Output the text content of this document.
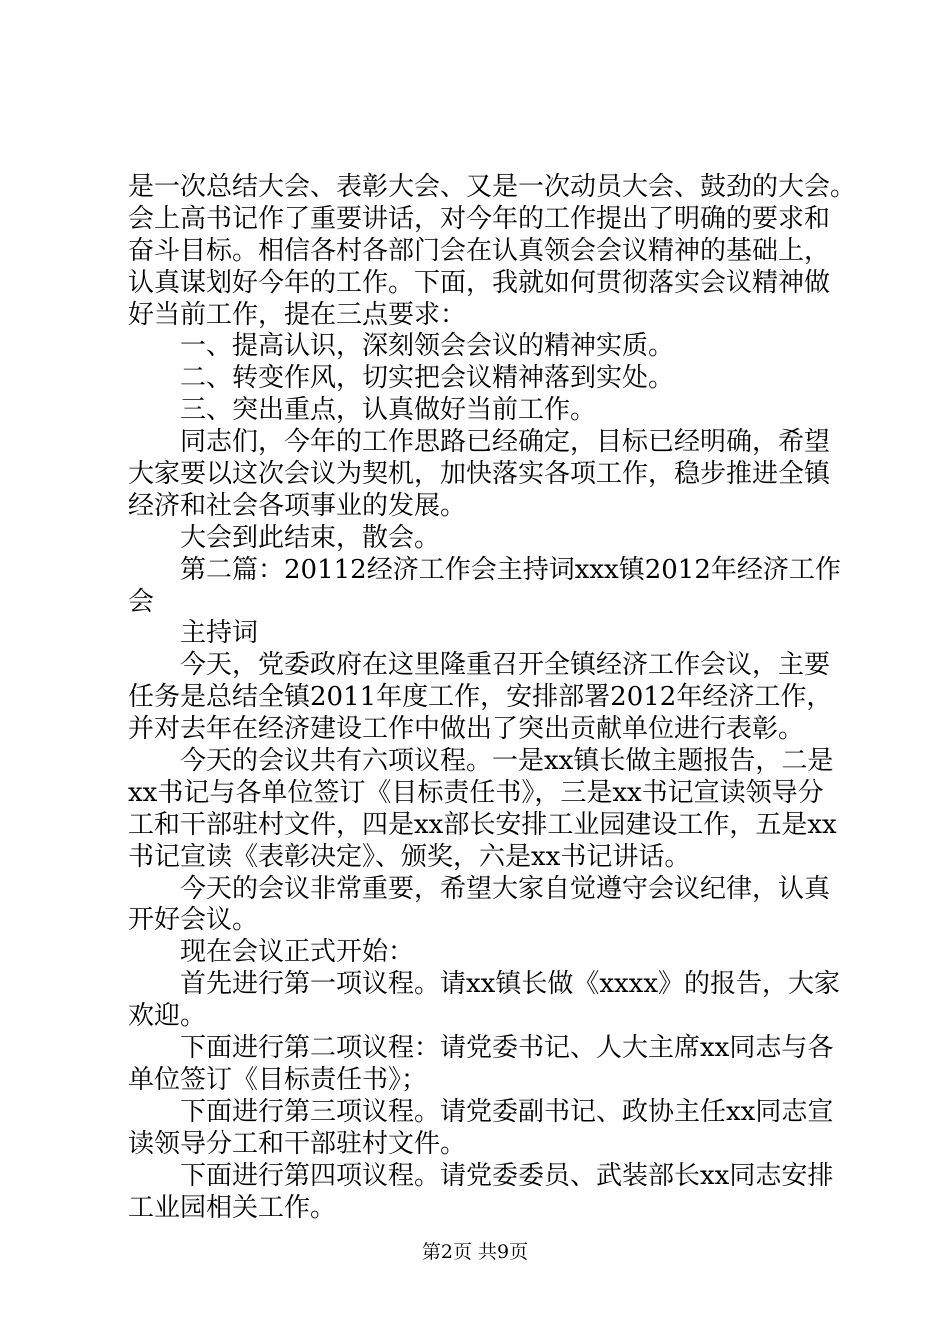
是一次总结大会、表彰大会、又是一次动员大会、鼓劲的大会。
会上高书记作了重要讲话，对今年的工作提出了明确的要求和
奋斗目标。相信各村各部门会在认真领会会议精神的基础上，
认真谋划好今年的工作。下面，我就如何贯彻落实会议精神做
好当前工作，提在三点要求：
一、提高认识，深刻领会会议的精神实质。
二、转变作风，切实把会议精神落到实处。
三、突出重点，认真做好当前工作。
同志们，今年的工作思路已经确定，目标已经明确，希望
大家要以这次会议为契机，加快落实各项工作，稳步推进全镇
经济和社会各项事业的发展。
大会到此结束，散会。
第二篇：20112经济工作会主持词xxx镇2012年经济工作
会
主持词
今天，党委政府在这里隆重召开全镇经济工作会议，主要
任务是总结全镇2011年度工作，安排部署2012年经济工作，
并对去年在经济建设工作中做出了突出贡献单位进行表彰。
今天的会议共有六项议程。一是xx镇长做主题报告，二是
xx书记与各单位签订《目标责任书》，三是xx书记宣读领导分
工和干部驻村文件，四是xx部长安排工业园建设工作，五是xx
书记宣读《表彰决定》、颁奖，六是xx书记讲话。
今天的会议非常重要，希望大家自觉遵守会议纪律，认真
开好会议。
现在会议正式开始：
首先进行第一项议程。请xx镇长做《xxxx》的报告，大家
欢迎。
下面进行第二项议程：请党委书记、人大主席xx同志与各
单位签订《目标责任书》；
下面进行第三项议程。请党委副书记、政协主任xx同志宣
读领导分工和干部驻村文件。
下面进行第四项议程。请党委委员、武装部长xx同志安排
工业园相关工作。
第2页 共9页
